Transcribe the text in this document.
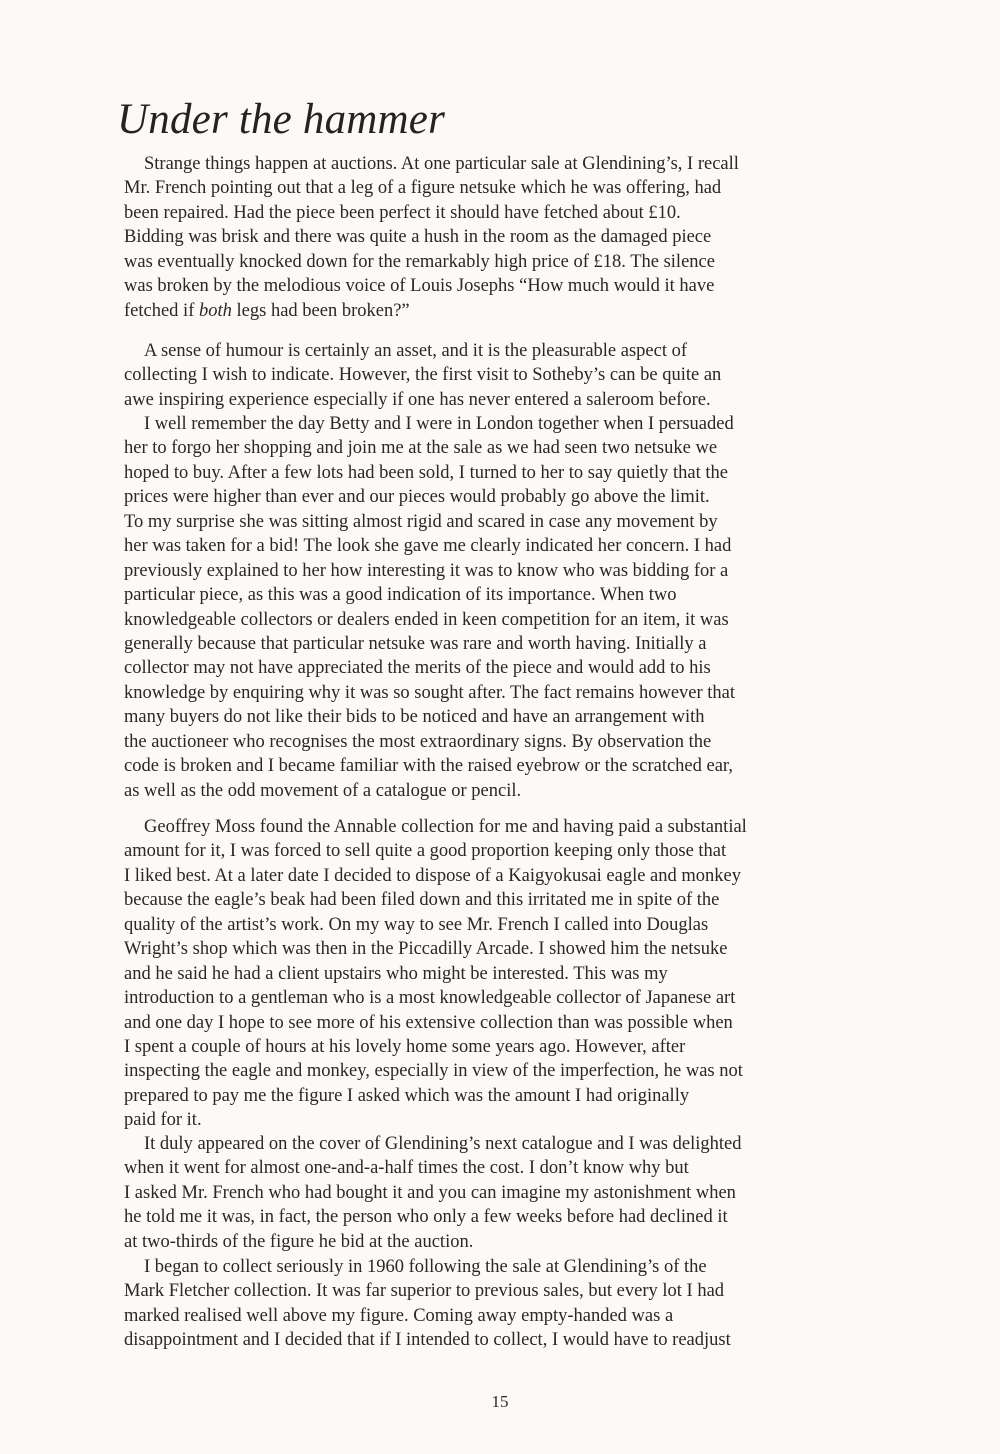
Under the hammer
Strange things happen at auctions. At one particular sale at Glendining’s, I recall
Mr. French pointing out that a leg of a figure netsuke which he was offering, had
been repaired. Had the piece been perfect it should have fetched about £10.
Bidding was brisk and there was quite a hush in the room as the damaged piece
was eventually knocked down for the remarkably high price of £18. The silence
was broken by the melodious voice of Louis Josephs “How much would it have
fetched if both legs had been broken?”
A sense of humour is certainly an asset, and it is the pleasurable aspect of
collecting I wish to indicate. However, the first visit to Sotheby’s can be quite an
awe inspiring experience especially if one has never entered a saleroom before.
I well remember the day Betty and I were in London together when I persuaded
her to forgo her shopping and join me at the sale as we had seen two netsuke we
hoped to buy. After a few lots had been sold, I turned to her to say quietly that the
prices were higher than ever and our pieces would probably go above the limit.
To my surprise she was sitting almost rigid and scared in case any movement by
her was taken for a bid! The look she gave me clearly indicated her concern. I had
previously explained to her how interesting it was to know who was bidding for a
particular piece, as this was a good indication of its importance. When two
knowledgeable collectors or dealers ended in keen competition for an item, it was
generally because that particular netsuke was rare and worth having. Initially a
collector may not have appreciated the merits of the piece and would add to his
knowledge by enquiring why it was so sought after. The fact remains however that
many buyers do not like their bids to be noticed and have an arrangement with
the auctioneer who recognises the most extraordinary signs. By observation the
code is broken and I became familiar with the raised eyebrow or the scratched ear,
as well as the odd movement of a catalogue or pencil.
Geoffrey Moss found the Annable collection for me and having paid a substantial
amount for it, I was forced to sell quite a good proportion keeping only those that
I liked best. At a later date I decided to dispose of a Kaigyokusai eagle and monkey
because the eagle’s beak had been filed down and this irritated me in spite of the
quality of the artist’s work. On my way to see Mr. French I called into Douglas
Wright’s shop which was then in the Piccadilly Arcade. I showed him the netsuke
and he said he had a client upstairs who might be interested. This was my
introduction to a gentleman who is a most knowledgeable collector of Japanese art
and one day I hope to see more of his extensive collection than was possible when
I spent a couple of hours at his lovely home some years ago. However, after
inspecting the eagle and monkey, especially in view of the imperfection, he was not
prepared to pay me the figure I asked which was the amount I had originally
paid for it.
It duly appeared on the cover of Glendining’s next catalogue and I was delighted
when it went for almost one-and-a-half times the cost. I don’t know why but
I asked Mr. French who had bought it and you can imagine my astonishment when
he told me it was, in fact, the person who only a few weeks before had declined it
at two-thirds of the figure he bid at the auction.
I began to collect seriously in 1960 following the sale at Glendining’s of the
Mark Fletcher collection. It was far superior to previous sales, but every lot I had
marked realised well above my figure. Coming away empty-handed was a
disappointment and I decided that if I intended to collect, I would have to readjust
15
